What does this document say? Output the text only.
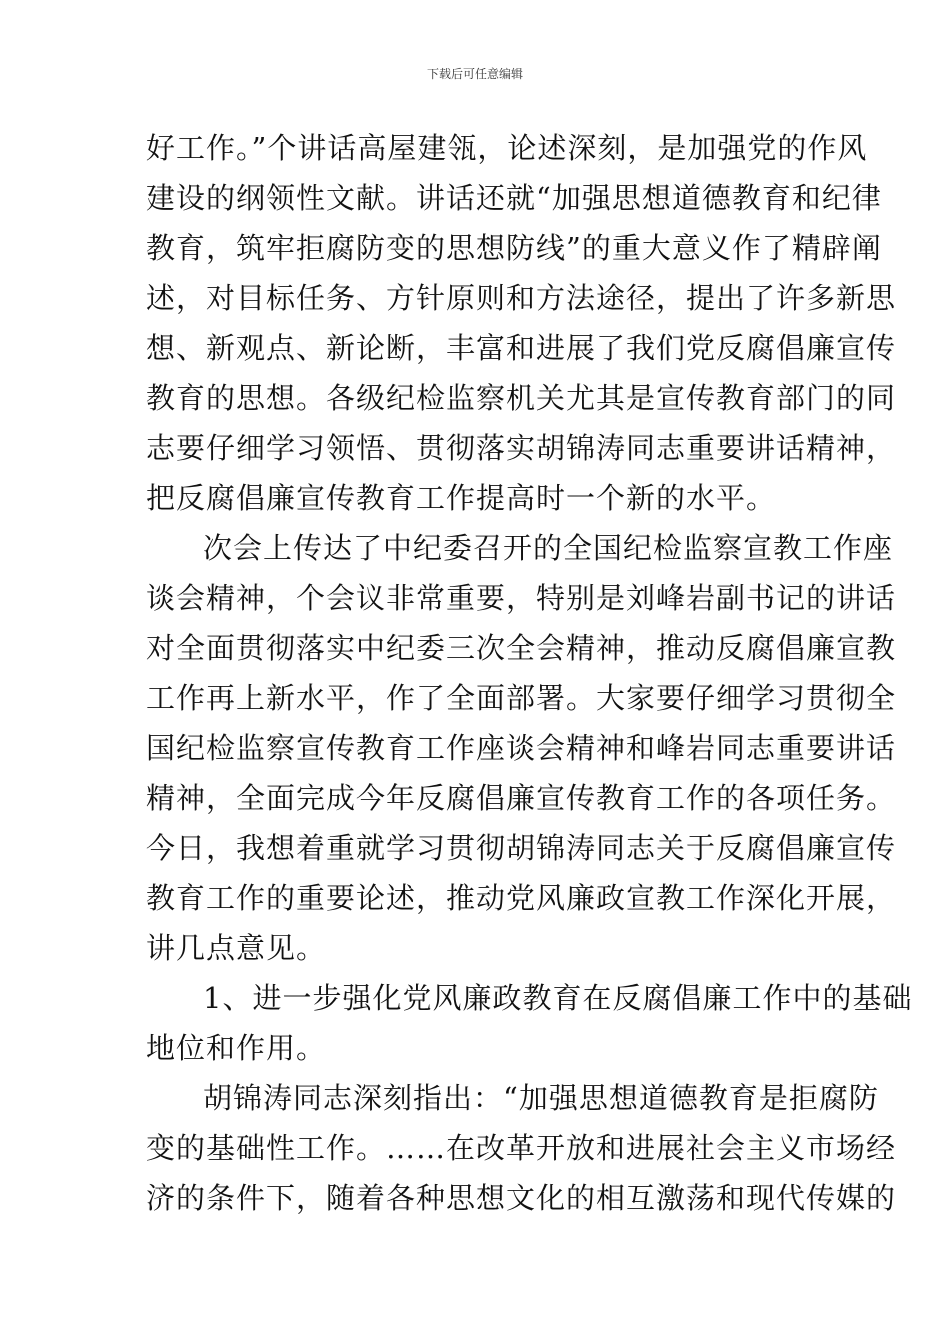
下载后可任意编辑
好工作。”个讲话高屋建瓴，论述深刻，是加强党的作风
建设的纲领性文献。讲话还就“加强思想道德教育和纪律
教育，筑牢拒腐防变的思想防线”的重大意义作了精辟阐
述，对目标任务、方针原则和方法途径，提出了许多新思
想、新观点、新论断，丰富和进展了我们党反腐倡廉宣传
教育的思想。各级纪检监察机关尤其是宣传教育部门的同
志要仔细学习领悟、贯彻落实胡锦涛同志重要讲话精神，
把反腐倡廉宣传教育工作提高时一个新的水平。
次会上传达了中纪委召开的全国纪检监察宣教工作座
谈会精神，个会议非常重要，特别是刘峰岩副书记的讲话
对全面贯彻落实中纪委三次全会精神，推动反腐倡廉宣教
工作再上新水平，作了全面部署。大家要仔细学习贯彻全
国纪检监察宣传教育工作座谈会精神和峰岩同志重要讲话
精神，全面完成今年反腐倡廉宣传教育工作的各项任务。
今日，我想着重就学习贯彻胡锦涛同志关于反腐倡廉宣传
教育工作的重要论述，推动党风廉政宣教工作深化开展，
讲几点意见。
1、进一步强化党风廉政教育在反腐倡廉工作中的基础
地位和作用。
胡锦涛同志深刻指出：“加强思想道德教育是拒腐防
变的基础性工作。……在改革开放和进展社会主义市场经
济的条件下，随着各种思想文化的相互激荡和现代传媒的
